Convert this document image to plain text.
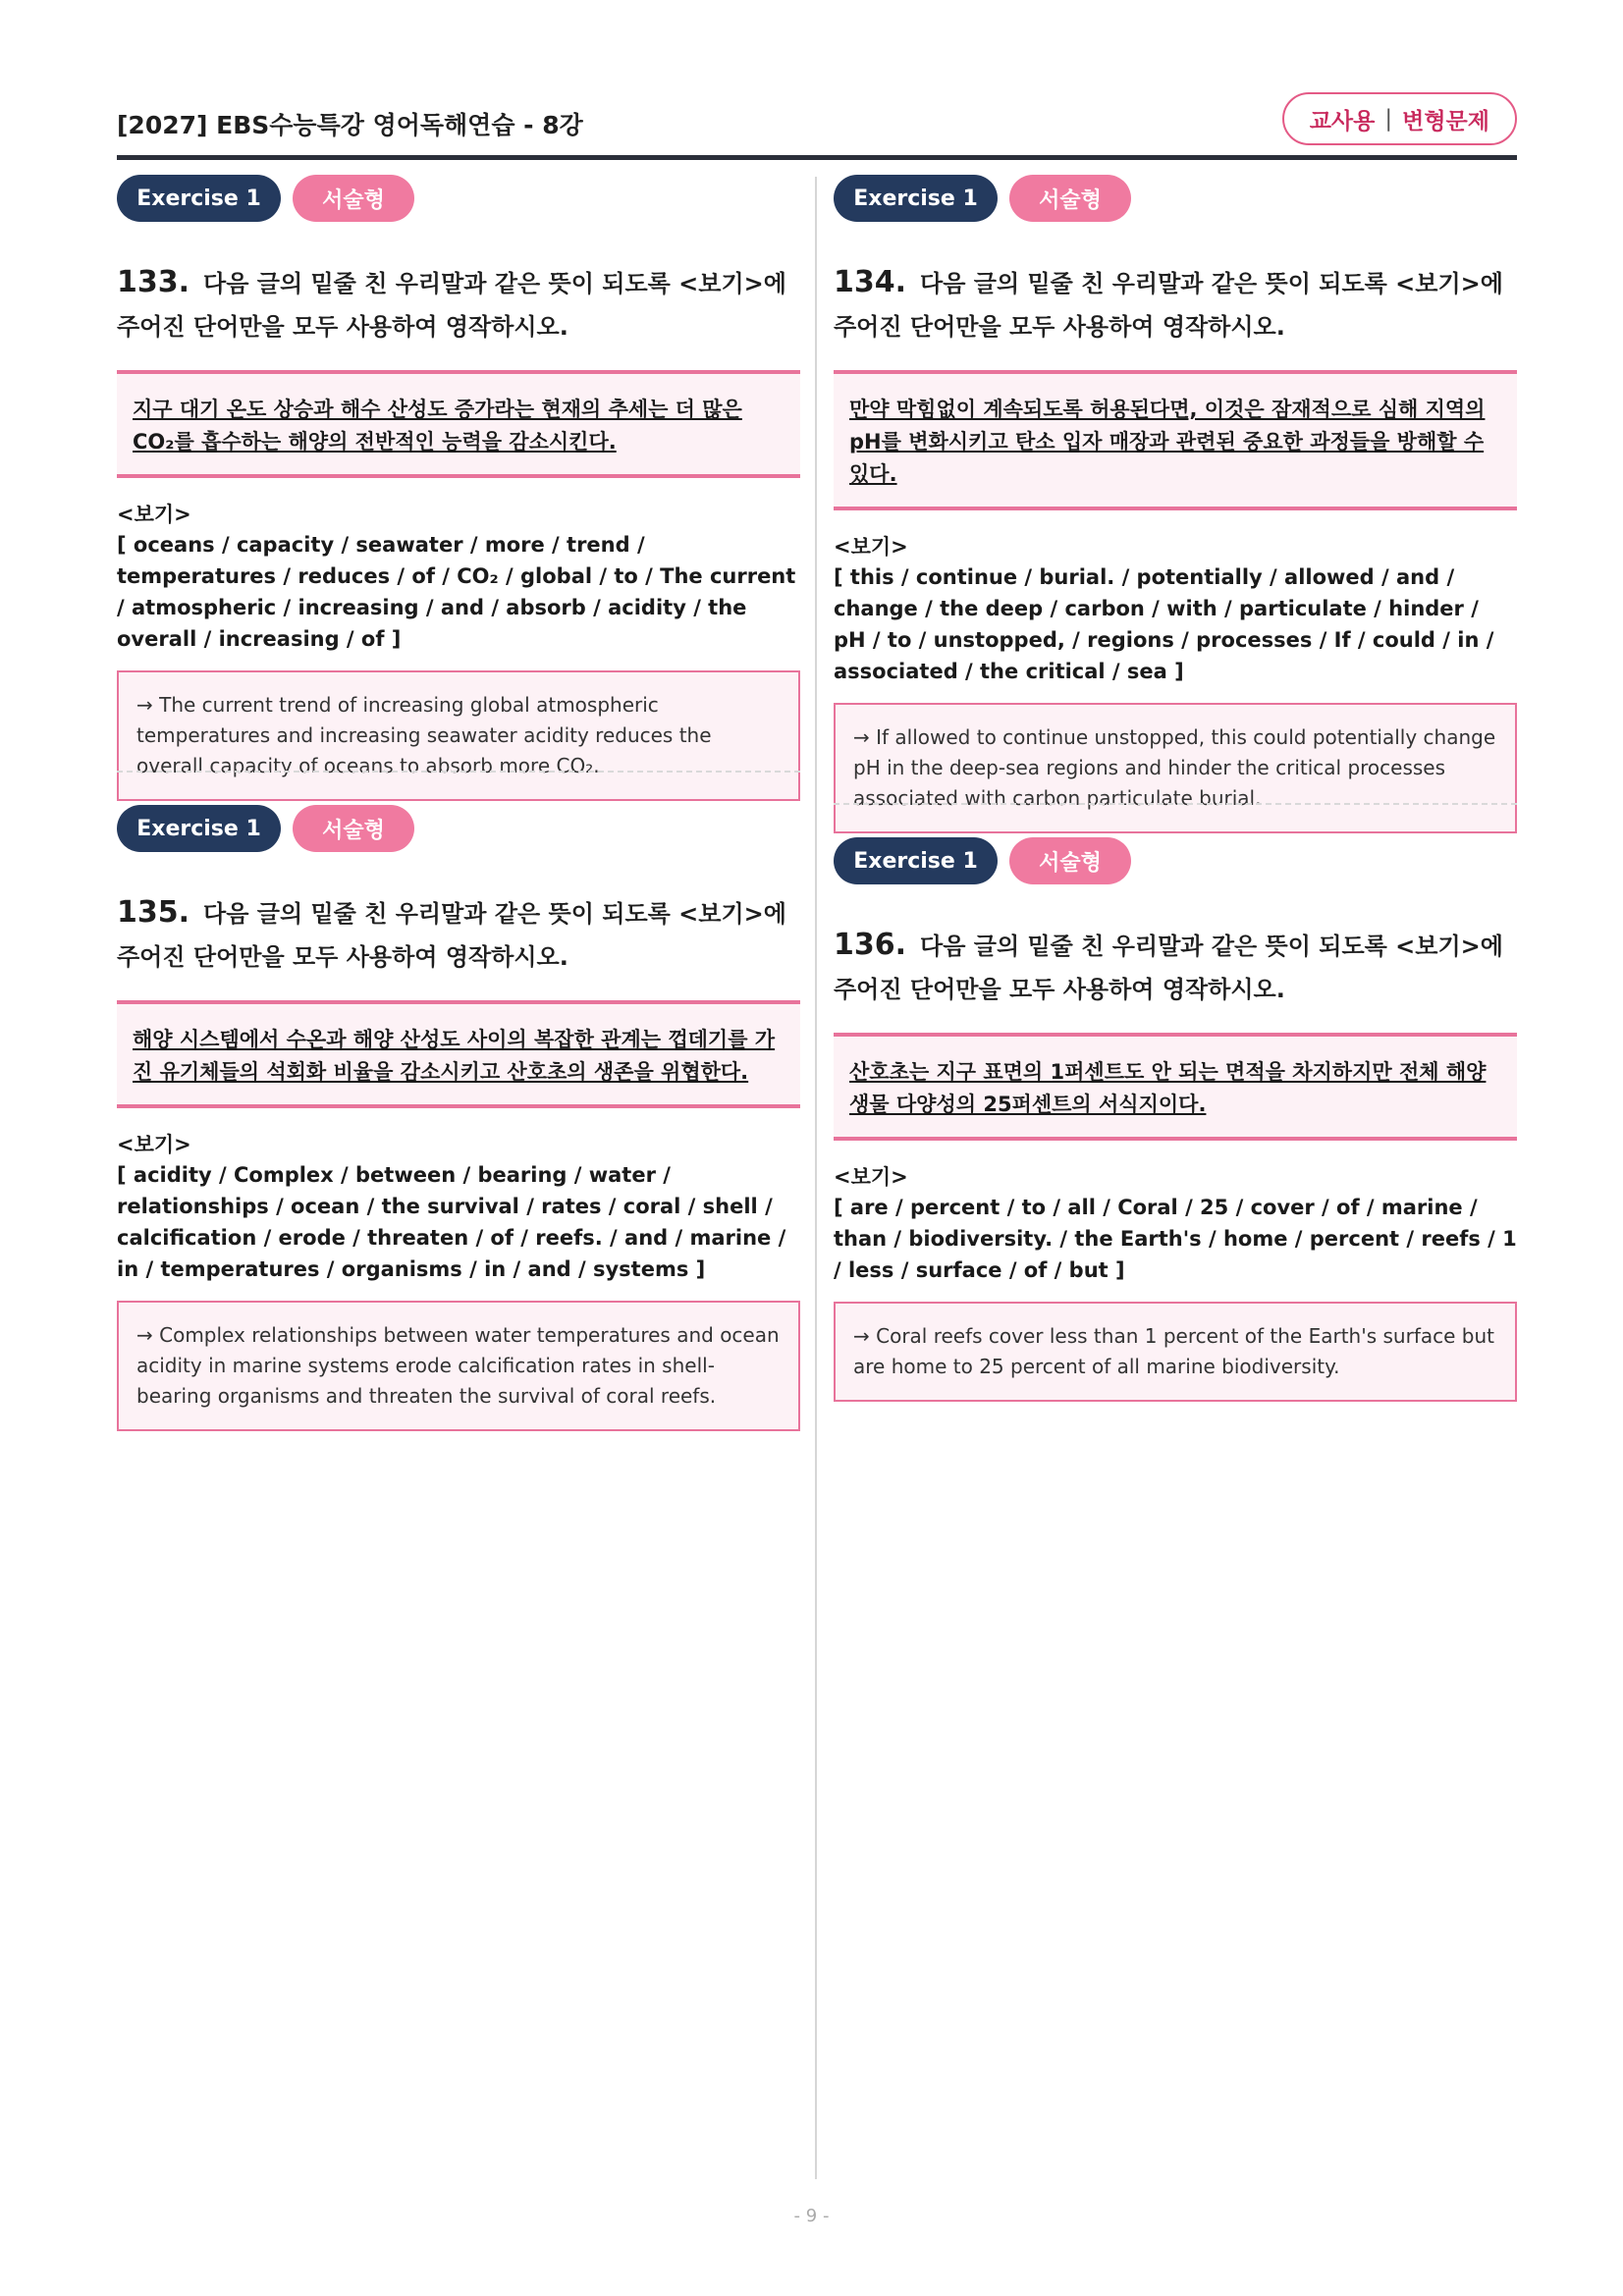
[2027] EBS수능특강 영어독해연습 - 8강	교사용 | 변형문제
Exercise 1	서술형
133. 다음 글의 밑줄 친 우리말과 같은 뜻이 되도록 <보기>에
주어진 단어만을 모두 사용하여 영작하시오.
지구 대기 온도 상승과 해수 산성도 증가라는 현재의 추세는 더 많은 CO₂를 흡수하는 해양의 전반적인 능력을 감소시킨다.
<보기>
[ oceans / capacity / seawater / more / trend / temperatures / reduces / of / CO₂ / global / to / The current / atmospheric / increasing / and / absorb / acidity / the overall / increasing / of ]
→ The current trend of increasing global atmospheric temperatures and increasing seawater acidity reduces the overall capacity of oceans to absorb more CO₂.
Exercise 1	서술형
134. 다음 글의 밑줄 친 우리말과 같은 뜻이 되도록 <보기>에
주어진 단어만을 모두 사용하여 영작하시오.
만약 막힘없이 계속되도록 허용된다면, 이것은 잠재적으로 심해 지역의 pH를 변화시키고 탄소 입자 매장과 관련된 중요한 과정들을 방해할 수 있다.
<보기>
[ this / continue / burial. / potentially / allowed / and / change / the deep / carbon / with / particulate / hinder / pH / to / unstopped, / regions / processes / If / could / in / associated / the critical / sea ]
→ If allowed to continue unstopped, this could potentially change pH in the deep-sea regions and hinder the critical processes associated with carbon particulate burial.
Exercise 1	서술형
135. 다음 글의 밑줄 친 우리말과 같은 뜻이 되도록 <보기>에
주어진 단어만을 모두 사용하여 영작하시오.
해양 시스템에서 수온과 해양 산성도 사이의 복잡한 관계는 껍데기를 가진 유기체들의 석회화 비율을 감소시키고 산호초의 생존을 위협한다.
<보기>
[ acidity / Complex / between / bearing / water / relationships / ocean / the survival / rates / coral / shell / calcification / erode / threaten / of / reefs. / and / marine / in / temperatures / organisms / in / and / systems ]
→ Complex relationships between water temperatures and ocean acidity in marine systems erode calcification rates in shell-bearing organisms and threaten the survival of coral reefs.
Exercise 1	서술형
136. 다음 글의 밑줄 친 우리말과 같은 뜻이 되도록 <보기>에
주어진 단어만을 모두 사용하여 영작하시오.
산호초는 지구 표면의 1퍼센트도 안 되는 면적을 차지하지만 전체 해양 생물 다양성의 25퍼센트의 서식지이다.
<보기>
[ are / percent / to / all / Coral / 25 / cover / of / marine / than / biodiversity. / the Earth's / home / percent / reefs / 1 / less / surface / of / but ]
→ Coral reefs cover less than 1 percent of the Earth's surface but are home to 25 percent of all marine biodiversity.
- 9 -
